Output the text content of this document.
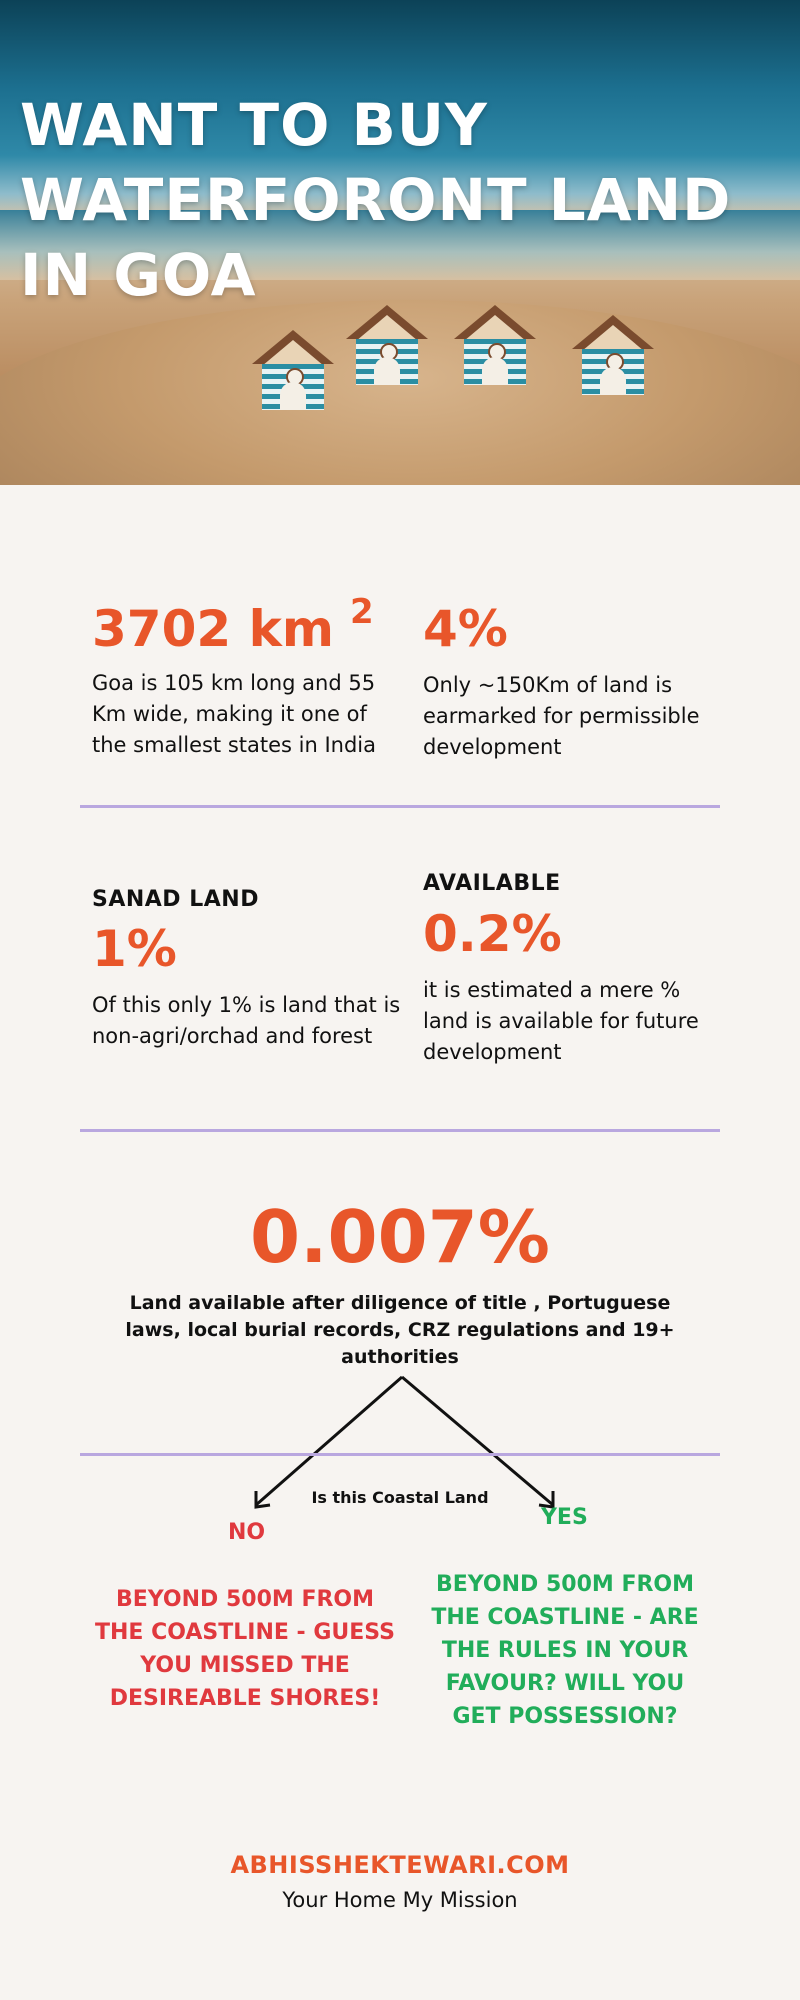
WANT TO BUY
WATERFORONT LAND
IN GOA
3702 km 2
Goa is 105 km long and 55 Km wide, making it one of the smallest states in India
4%
Only ~150Km of land is earmarked for permissible development
SANAD LAND
1%
Of this only 1% is land that is non-agri/orchad and forest
AVAILABLE
0.2%
it is estimated a mere % land is available for future development
0.007%
Land available after diligence of title , Portuguese laws, local burial records, CRZ regulations and 19+ authorities
Is this Coastal Land
NO
YES
BEYOND 500M FROM THE COASTLINE - GUESS YOU MISSED THE DESIREABLE SHORES!
BEYOND 500M FROM THE COASTLINE - ARE THE RULES IN YOUR FAVOUR? WILL YOU GET POSSESSION?
ABHISSHEKTEWARI.COM
Your Home My Mission
